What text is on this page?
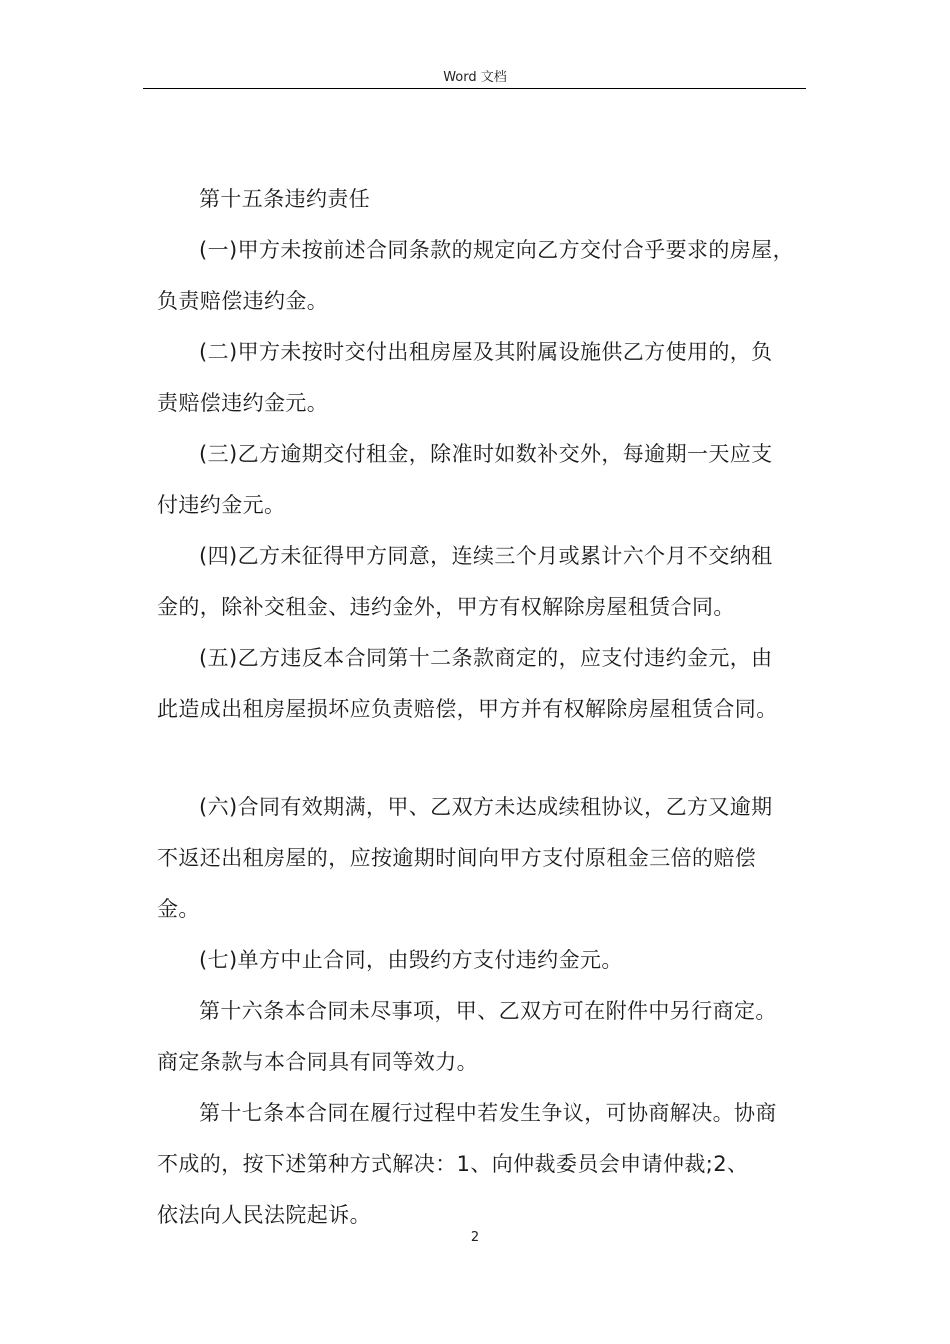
Word 文档

第十五条违约责任

(一)甲方未按前述合同条款的规定向乙方交付合乎要求的房屋，
负责赔偿违约金。

(二)甲方未按时交付出租房屋及其附属设施供乙方使用的，负
责赔偿违约金元。

(三)乙方逾期交付租金，除准时如数补交外，每逾期一天应支
付违约金元。

(四)乙方未征得甲方同意，连续三个月或累计六个月不交纳租
金的，除补交租金、违约金外，甲方有权解除房屋租赁合同。

(五)乙方违反本合同第十二条款商定的，应支付违约金元，由
此造成出租房屋损坏应负责赔偿，甲方并有权解除房屋租赁合同。

(六)合同有效期满，甲、乙双方未达成续租协议，乙方又逾期
不返还出租房屋的，应按逾期时间向甲方支付原租金三倍的赔偿
金。

(七)单方中止合同，由毁约方支付违约金元。

第十六条本合同未尽事项，甲、乙双方可在附件中另行商定。
商定条款与本合同具有同等效力。

第十七条本合同在履行过程中若发生争议，可协商解决。协商
不成的，按下述第种方式解决：1、向仲裁委员会申请仲裁;2、
依法向人民法院起诉。

2
